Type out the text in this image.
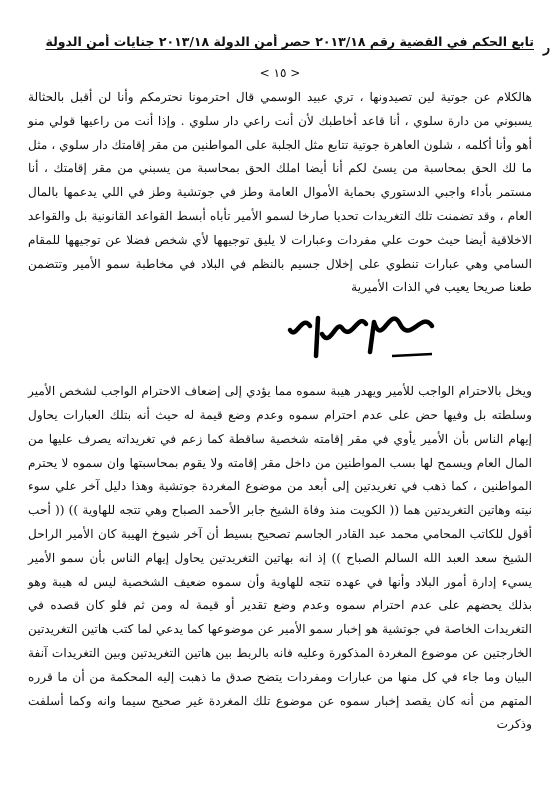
تابع الحكم في القضية رقم ٢٠١٣/١٨ حصر أمن الدولة ٢٠١٣/١٨ جنايات أمن الدولة ر
< ١٥ >

هالكلام عن جوتية لين تصيدونها ، تري عبيد الوسمي قال احترمونا نحترمكم وأنا لن أقبل بالحثالة يسبوني من دارة سلوي ، أنا قاعد أخاطبك لأن أنت راعي دار سلوي . وإذا أنت من راعيها قولي منو أهو وأنا أكلمه ، شلون العاهرة جوتية تتابع مثل الجلبة على المواطنين من مقر إقامتك دار سلوي ، مثل ما لك الحق بمحاسبة من يسئ لكم أنا أيضا املك الحق بمحاسبة من يسبني من مقر إقامتك ، أنا مستمر بأداء واجبي الدستوري بحماية الأموال العامة وطز في جوتشية وطز في اللي يدعمها بالمال العام ، وقد تضمنت تلك التغريدات تحديا صارخا لسمو الأمير تأباه أبسط القواعد القانونية بل والقواعد الاخلاقية أيضا حيث حوت علي مفردات وعبارات لا يليق توجيهها لأي شخص فضلا عن توجيهها للمقام السامي وهي عبارات تنطوي على إخلال جسيم بالنظم في البلاد في مخاطبة سمو الأمير وتتضمن طعنا صريحا يعيب في الذات الأميرية

ويخل بالاحترام الواجب للأمير ويهدر هيبة سموه مما يؤدي إلى إضعاف الاحترام الواجب لشخص الأمير وسلطته بل وفيها حض على عدم احترام سموه وعدم وضع قيمة له حيث أنه بتلك العبارات يحاول إيهام الناس بأن الأمير يأوي في مقر إقامته شخصية ساقطة كما زعم في تغريداته يصرف عليها من المال العام ويسمح لها بسب المواطنين من داخل مقر إقامته ولا يقوم بمحاسبتها وان سموه لا يحترم المواطنين ، كما ذهب في تغريدتين إلى أبعد من موضوع المغردة جوتشية وهذا دليل آخر علي سوء نيته وهاتين التغريدتين هما (( الكويت منذ وفاة الشيخ جابر الأحمد الصباح وهي تتجه للهاوية )) (( أحب أقول للكاتب المحامي محمد عبد القادر الجاسم تصحيح بسيط أن آخر شيوخ الهيبة كان الأمير الراحل الشيخ سعد العبد الله السالم الصباح )) إذ انه بهاتين التغريدتين يحاول إيهام الناس بأن سمو الأمير يسيء إدارة أمور البلاد وأنها في عهده تتجه للهاوية وأن سموه ضعيف الشخصية ليس له هيبة وهو بذلك يحضهم على عدم احترام سموه وعدم وضع تقدير أو قيمة له ومن ثم فلو كان قصده في التغريدات الخاصة في جوتشية هو إخبار سمو الأمير عن موضوعها كما يدعي لما كتب هاتين التغريدتين الخارجتين عن موضوع المغردة المذكورة وعليه فانه بالربط بين هاتين التغريدتين وبين التغريدات آنفة البيان وما جاء في كل منها من عبارات ومفردات يتضح صدق ما ذهبت إليه المحكمة من أن ما قرره المتهم من أنه كان يقصد إخبار سموه عن موضوع تلك المغردة غير صحيح سيما وانه وكما أسلفت وذكرت
